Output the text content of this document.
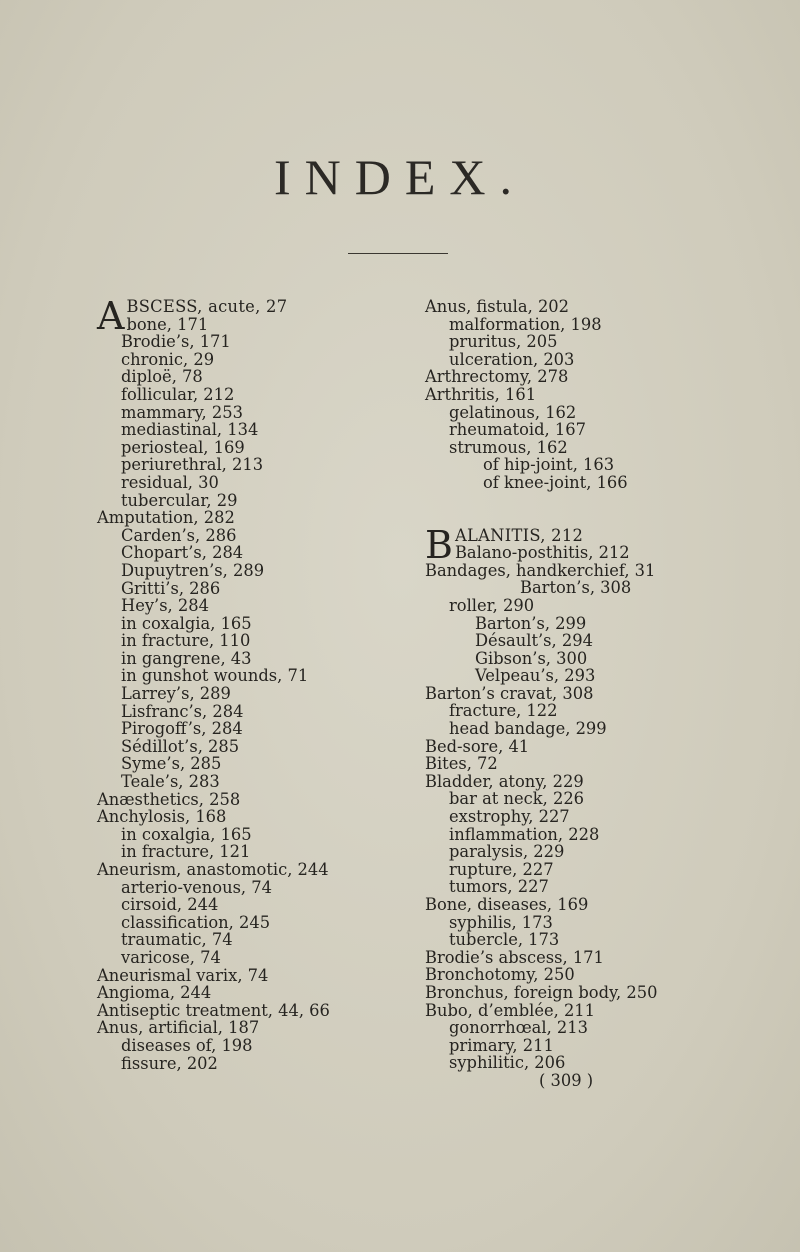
INDEX.
A BSCESS, acute, 27
bone, 171
Brodie’s, 171
chronic, 29
diploë, 78
follicular, 212
mammary, 253
mediastinal, 134
periosteal, 169
periurethral, 213
residual, 30
tubercular, 29
Amputation, 282
Carden’s, 286
Chopart’s, 284
Dupuytren’s, 289
Gritti’s, 286
Hey’s, 284
in coxalgia, 165
in fracture, 110
in gangrene, 43
in gunshot wounds, 71
Larrey’s, 289
Lisfranc’s, 284
Pirogoff’s, 284
Sédillot’s, 285
Syme’s, 285
Teale’s, 283
Anæsthetics, 258
Anchylosis, 168
in coxalgia, 165
in fracture, 121
Aneurism, anastomotic, 244
arterio-venous, 74
cirsoid, 244
classification, 245
traumatic, 74
varicose, 74
Aneurismal varix, 74
Angioma, 244
Antiseptic treatment, 44, 66
Anus, artificial, 187
diseases of, 198
fissure, 202
Anus, fistula, 202
malformation, 198
pruritus, 205
ulceration, 203
Arthrectomy, 278
Arthritis, 161
gelatinous, 162
rheumatoid, 167
strumous, 162
of hip-joint, 163
of knee-joint, 166
B ALANITIS, 212
Balano-posthitis, 212
Bandages, handkerchief, 31
Barton’s, 308
roller, 290
Barton’s, 299
Désault’s, 294
Gibson’s, 300
Velpeau’s, 293
Barton’s cravat, 308
fracture, 122
head bandage, 299
Bed-sore, 41
Bites, 72
Bladder, atony, 229
bar at neck, 226
exstrophy, 227
inflammation, 228
paralysis, 229
rupture, 227
tumors, 227
Bone, diseases, 169
syphilis, 173
tubercle, 173
Brodie’s abscess, 171
Bronchotomy, 250
Bronchus, foreign body, 250
Bubo, d’emblée, 211
gonorrhœal, 213
primary, 211
syphilitic, 206
( 309 )
